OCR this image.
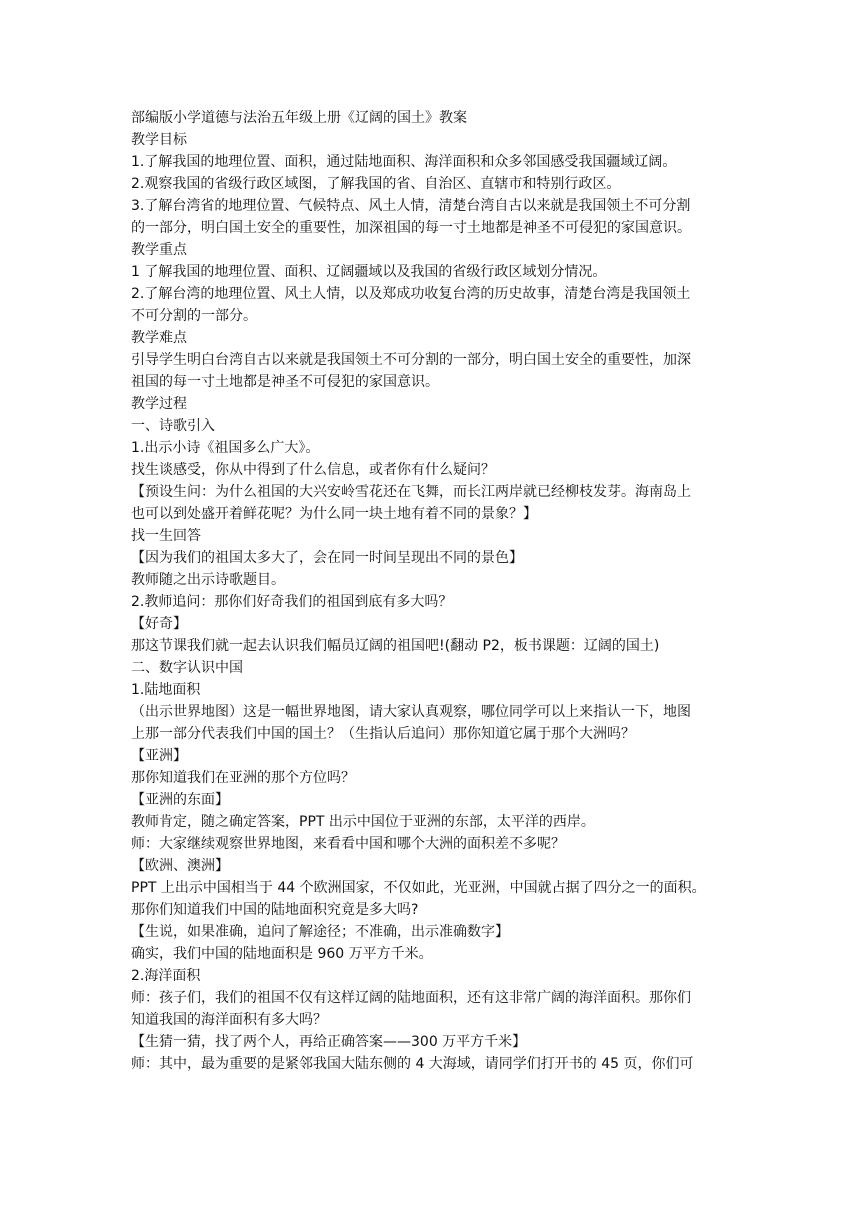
部编版小学道德与法治五年级上册《辽阔的国土》教案

教学目标

1.了解我国的地理位置、面积，通过陆地面积、海洋面积和众多邻国感受我国疆域辽阔。

2.观察我国的省级行政区域图，了解我国的省、自治区、直辖市和特别行政区。

3.了解台湾省的地理位置、气候特点、风土人情，清楚台湾自古以来就是我国领土不可分割

的一部分，明白国土安全的重要性，加深祖国的每一寸土地都是神圣不可侵犯的家国意识。

教学重点

1 了解我国的地理位置、面积、辽阔疆域以及我国的省级行政区域划分情况。

2.了解台湾的地理位置、风土人情，以及郑成功收复台湾的历史故事，清楚台湾是我国领土

不可分割的一部分。

教学难点

引导学生明白台湾自古以来就是我国领土不可分割的一部分，明白国土安全的重要性，加深

祖国的每一寸土地都是神圣不可侵犯的家国意识。

教学过程

一、诗歌引入

1.出示小诗《祖国多么广大》。

找生谈感受，你从中得到了什么信息，或者你有什么疑问？

【预设生问：为什么祖国的大兴安岭雪花还在飞舞，而长江两岸就已经柳枝发芽。海南岛上

也可以到处盛开着鲜花呢？为什么同一块土地有着不同的景象？】

找一生回答

【因为我们的祖国太多大了，会在同一时间呈现出不同的景色】

教师随之出示诗歌题目。

2.教师追问：那你们好奇我们的祖国到底有多大吗？

【好奇】

那这节课我们就一起去认识我们幅员辽阔的祖国吧!(翻动 P2，板书课题：辽阔的国土)

二、数字认识中国

1.陆地面积

（出示世界地图）这是一幅世界地图，请大家认真观察，哪位同学可以上来指认一下，地图

上那一部分代表我们中国的国土？（生指认后追问）那你知道它属于那个大洲吗？

【亚洲】

那你知道我们在亚洲的那个方位吗？

【亚洲的东面】

教师肯定，随之确定答案，PPT 出示中国位于亚洲的东部，太平洋的西岸。

师：大家继续观察世界地图，来看看中国和哪个大洲的面积差不多呢？

【欧洲、澳洲】

PPT 上出示中国相当于 44 个欧洲国家，不仅如此，光亚洲，中国就占据了四分之一的面积。

那你们知道我们中国的陆地面积究竟是多大吗?

【生说，如果准确，追问了解途径；不准确，出示准确数字】

确实，我们中国的陆地面积是 960 万平方千米。

2.海洋面积

师：孩子们，我们的祖国不仅有这样辽阔的陆地面积，还有这非常广阔的海洋面积。那你们

知道我国的海洋面积有多大吗？

【生猜一猜，找了两个人，再给正确答案——300 万平方千米】

师：其中，最为重要的是紧邻我国大陆东侧的 4 大海域，请同学们打开书的 45 页，你们可
